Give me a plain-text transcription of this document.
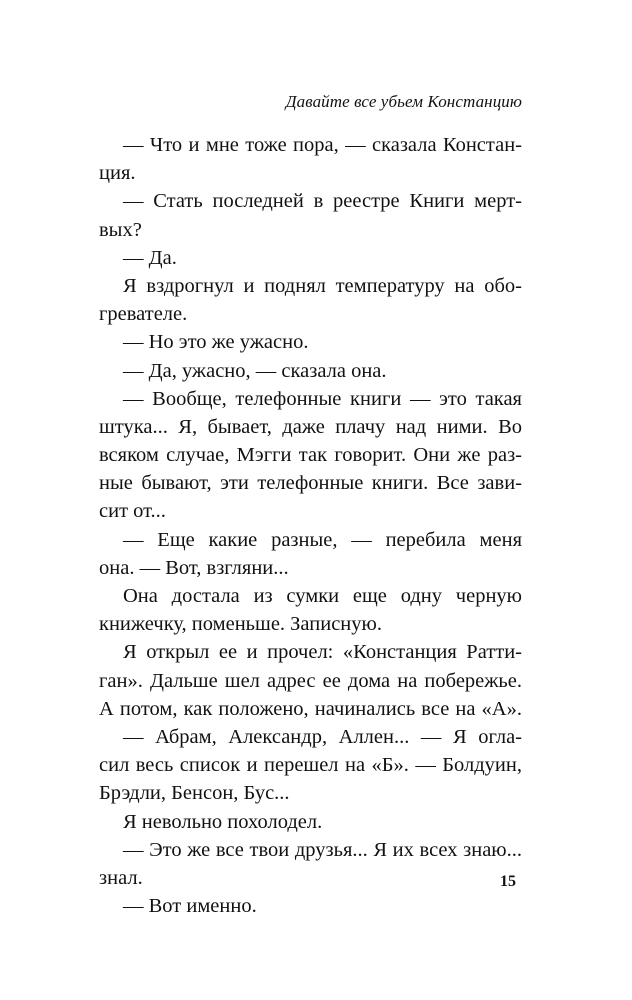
Давайте все убьем Констанцию
— Что и мне тоже пора, — сказала Констан-
ция.
— Стать последней в реестре Книги мерт-
вых?
— Да.
Я вздрогнул и поднял температуру на обо-
гревателе.
— Но это же ужасно.
— Да, ужасно, — сказала она.
— Вообще, телефонные книги — это такая
штука... Я, бывает, даже плачу над ними. Во
всяком случае, Мэгги так говорит. Они же раз-
ные бывают, эти телефонные книги. Все зави-
сит от...
— Еще какие разные, — перебила меня
она. — Вот, взгляни...
Она достала из сумки еще одну черную
книжечку, поменьше. Записную.
Я открыл ее и прочел: «Констанция Ратти-
ган». Дальше шел адрес ее дома на побережье.
А потом, как положено, начинались все на «А».
— Абрам, Александр, Аллен... — Я огла-
сил весь список и перешел на «Б». — Болдуин,
Брэдли, Бенсон, Бус...
Я невольно похолодел.
— Это же все твои друзья... Я их всех знаю...
знал.
— Вот именно.
15
